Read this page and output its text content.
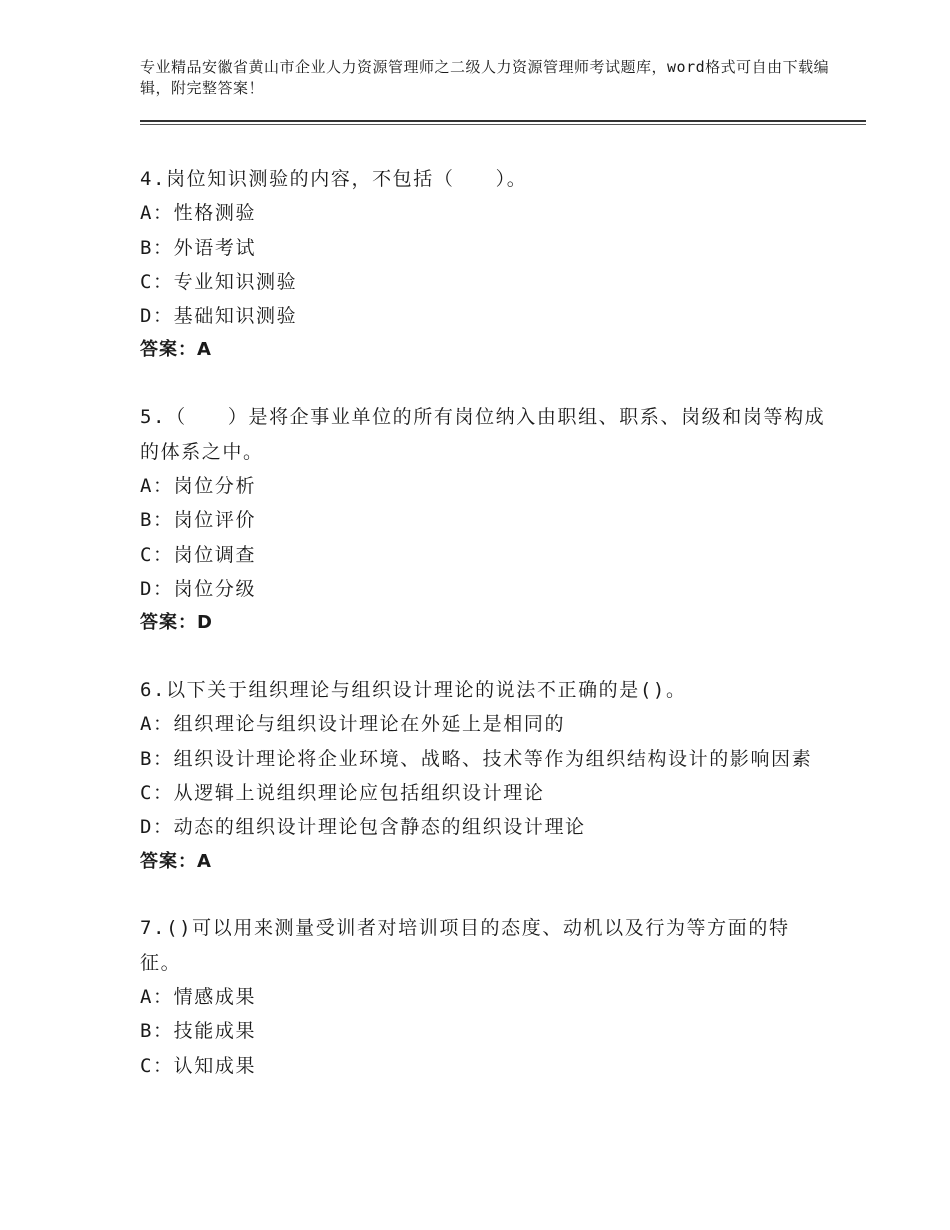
专业精品安徽省黄山市企业人力资源管理师之二级人力资源管理师考试题库，word格式可自由下载编辑，附完整答案！
4.岗位知识测验的内容，不包括（　　）。
A：性格测验
B：外语考试
C：专业知识测验
D：基础知识测验
答案：A
5.（　　）是将企事业单位的所有岗位纳入由职组、职系、岗级和岗等构成的体系之中。
A：岗位分析
B：岗位评价
C：岗位调查
D：岗位分级
答案：D
6.以下关于组织理论与组织设计理论的说法不正确的是()。
A：组织理论与组织设计理论在外延上是相同的
B：组织设计理论将企业环境、战略、技术等作为组织结构设计的影响因素
C：从逻辑上说组织理论应包括组织设计理论
D：动态的组织设计理论包含静态的组织设计理论
答案：A
7.()可以用来测量受训者对培训项目的态度、动机以及行为等方面的特征。
A：情感成果
B：技能成果
C：认知成果
